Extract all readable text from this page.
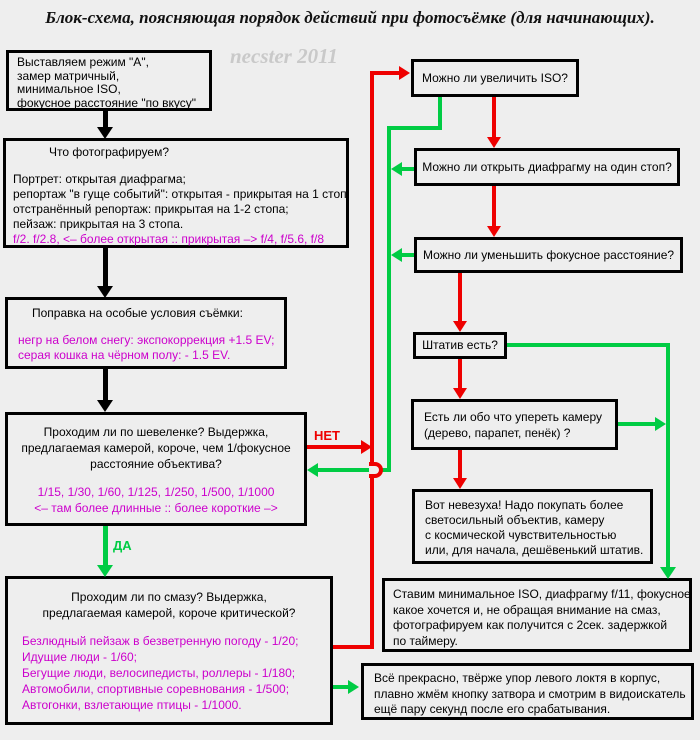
Блок-схема, поясняющая порядок действий при фотосъёмке (для начинающих).
necster 2011
Выставляем режим "А",
замер матричный,
минимальное ISO,
фокусное расстояние "по вкусу"
Что фотографируем?
Портрет: открытая диафрагма;
репортаж "в гуще событий": открытая - прикрытая на 1 стоп;
отстранённый репортаж: прикрытая на 1-2 стопа;
пейзаж: прикрытая на 3 стопа.
f/2. f/2.8, <– более открытая :: прикрытая –> f/4, f/5.6, f/8
Поправка на особые условия съёмки:
негр на белом снегу: экспокоррекция +1.5 EV;
серая кошка на чёрном полу: - 1.5 EV.
Проходим ли по шевеленке? Выдержка,
предлагаемая камерой, короче, чем 1/фокусное
расстояние объектива?
1/15, 1/30, 1/60, 1/125, 1/250, 1/500, 1/1000
<– там более длинные :: более короткие –>
Проходим ли по смазу? Выдержка,
предлагаемая камерой, короче критической?
Безлюдный пейзаж в безветренную погоду - 1/20;
Идущие люди - 1/60;
Бегущие люди, велосипедисты, роллеры - 1/180;
Автомобили, спортивные соревнования - 1/500;
Автогонки, взлетающие птицы - 1/1000.
Можно ли увеличить ISO?
Можно ли открыть диафрагму на один стоп?
Можно ли уменьшить фокусное расстояние?
Штатив есть?
Есть ли обо что упереть камеру
(дерево, парапет, пенёк) ?
Вот невезуха! Надо покупать более
светосильный объектив, камеру
с космической чувствительностью
или, для начала, дешёвенький штатив.
Ставим минимальное ISO, диафрагму f/11, фокусное
какое хочется и, не обращая внимание на смаз,
фотографируем как получится с 2сек. задержкой
по таймеру.
Всё прекрасно, твёрже упор левого локтя в корпус,
плавно жмём кнопку затвора и смотрим в видоискатель
ещё пару секунд после его срабатывания.
НЕТ
ДА
